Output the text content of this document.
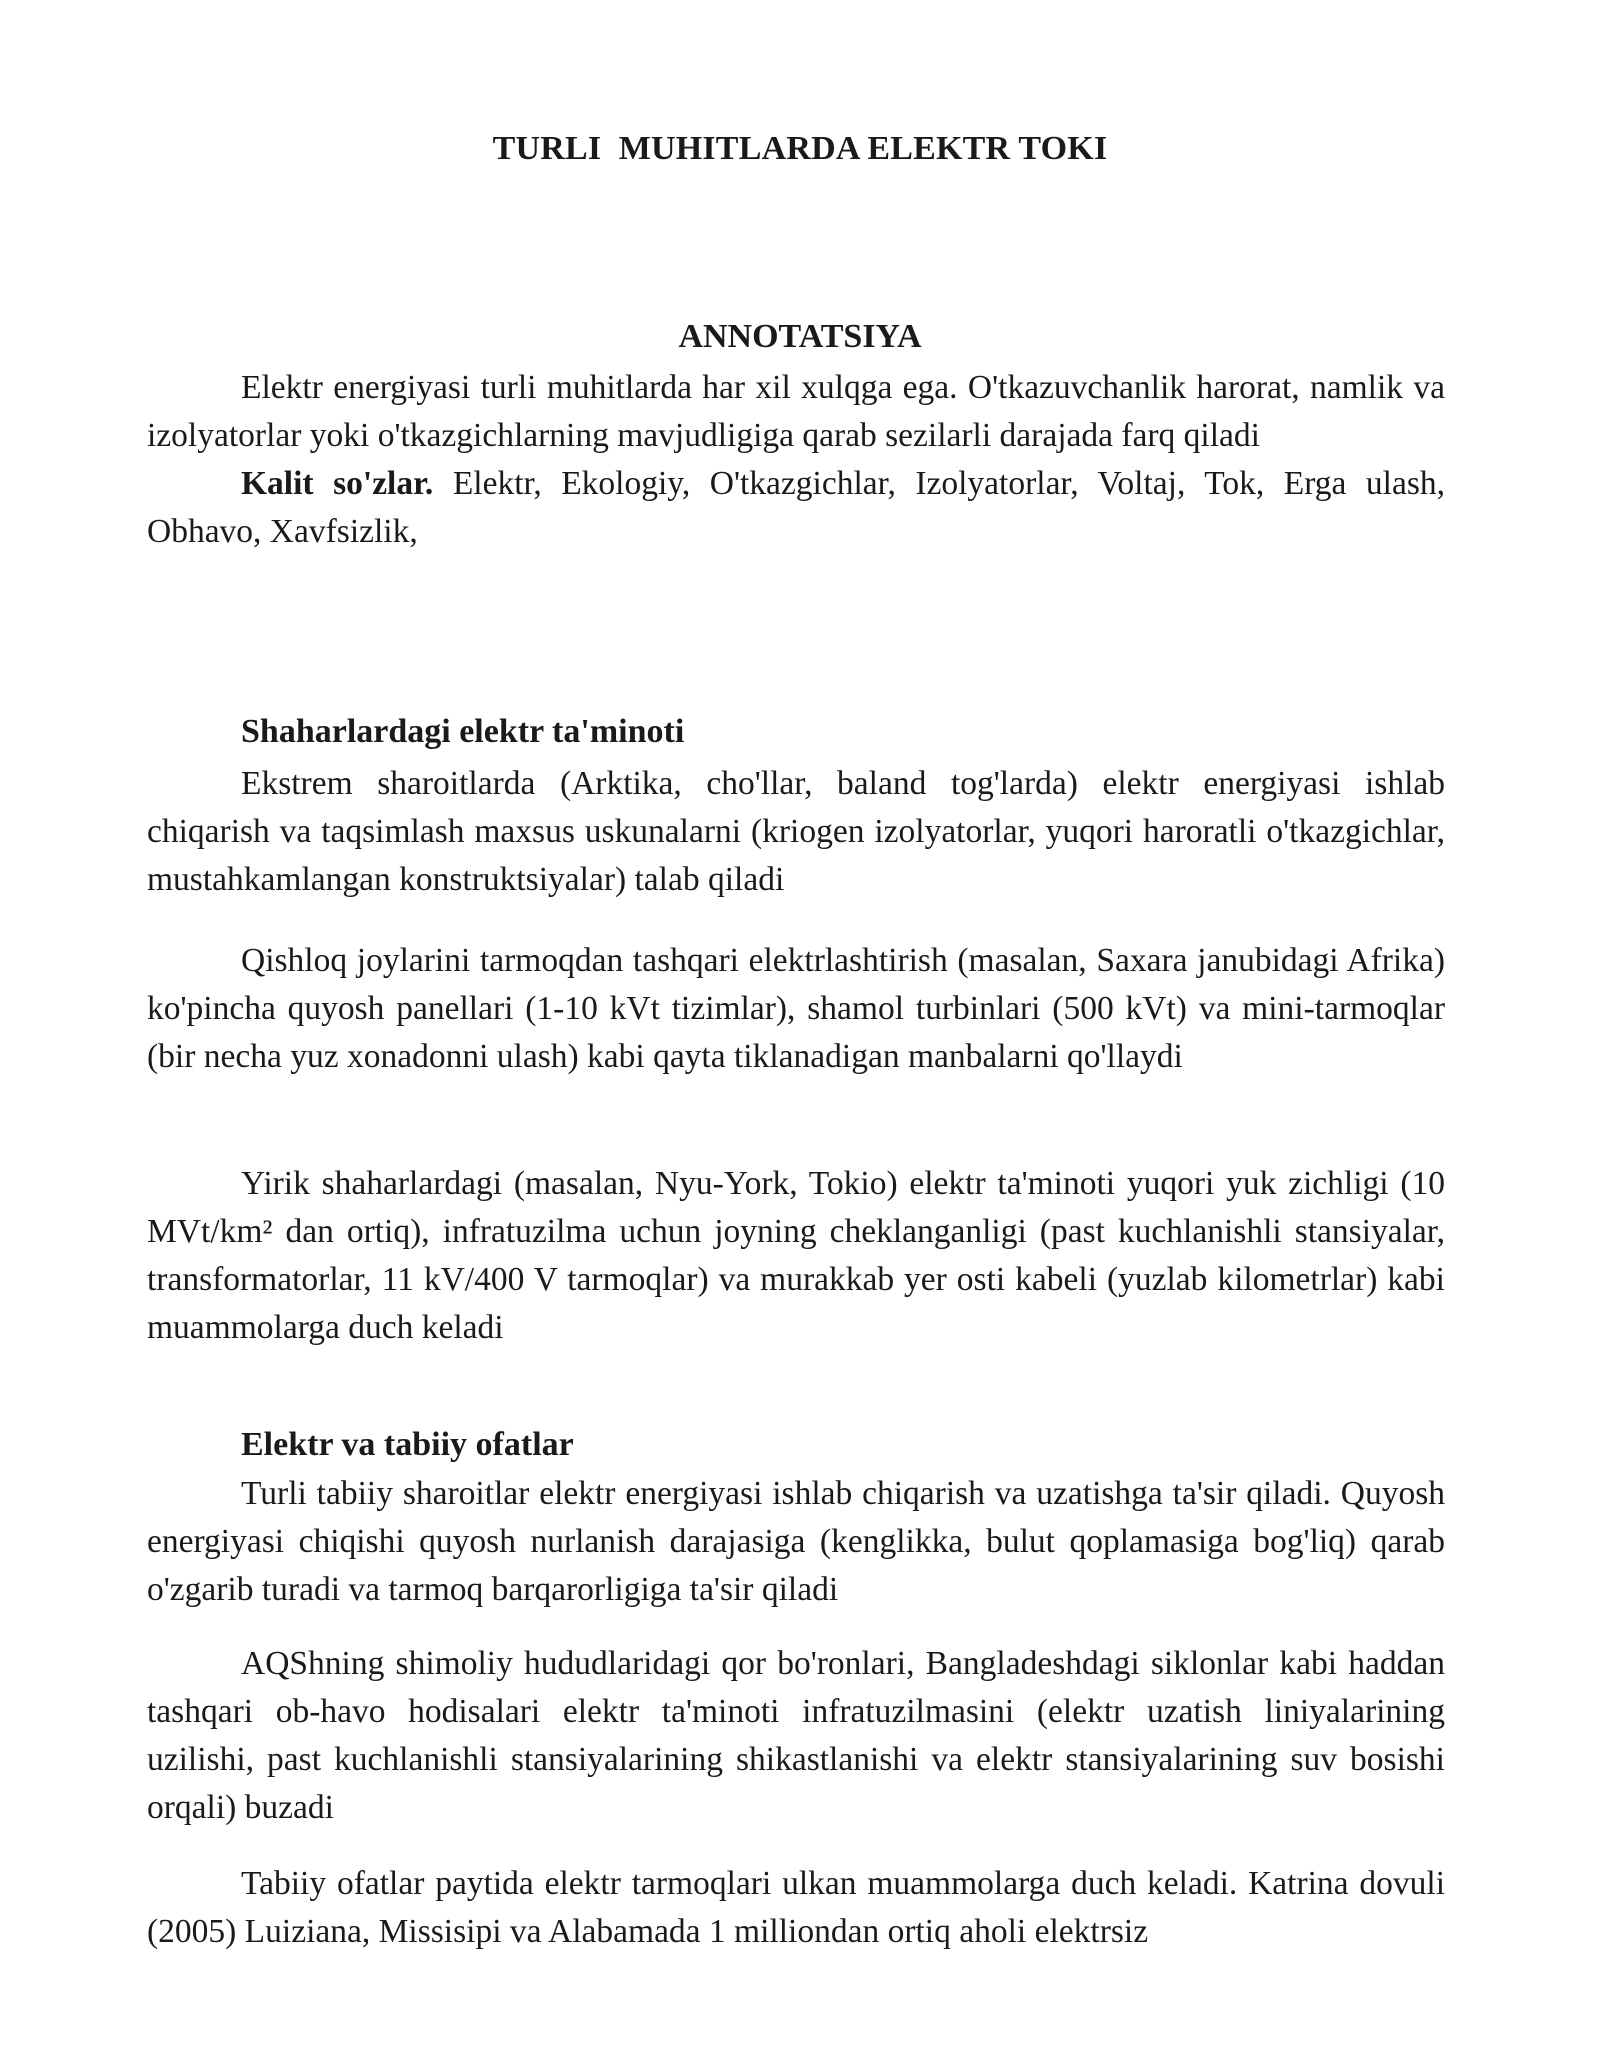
TURLI  MUHITLARDA ELEKTR TOKI
ANNOTATSIYA

Elektr energiyasi turli muhitlarda har xil xulqga ega. O'tkazuvchanlik harorat, namlik va izolyatorlar yoki o'tkazgichlarning mavjudligiga qarab sezilarli darajada farq qiladi

Kalit so'zlar. Elektr, Ekologiy, O'tkazgichlar, Izolyatorlar, Voltaj, Tok, Erga ulash, Obhavo, Xavfsizlik,

Shaharlardagi elektr ta'minoti

Ekstrem sharoitlarda (Arktika, cho'llar, baland tog'larda) elektr energiyasi ishlab chiqarish va taqsimlash maxsus uskunalarni (kriogen izolyatorlar, yuqori haroratli o'tkazgichlar, mustahkamlangan konstruktsiyalar) talab qiladi

Qishloq joylarini tarmoqdan tashqari elektrlashtirish (masalan, Saxara janubidagi Afrika) ko'pincha quyosh panellari (1-10 kVt tizimlar), shamol turbinlari (500 kVt) va mini-tarmoqlar (bir necha yuz xonadonni ulash) kabi qayta tiklanadigan manbalarni qo'llaydi

Yirik shaharlardagi (masalan, Nyu-York, Tokio) elektr ta'minoti yuqori yuk zichligi (10 MVt/km² dan ortiq), infratuzilma uchun joyning cheklanganligi (past kuchlanishli stansiyalar, transformatorlar, 11 kV/400 V tarmoqlar) va murakkab yer osti kabeli (yuzlab kilometrlar) kabi muammolarga duch keladi

Elektr va tabiiy ofatlar

Turli tabiiy sharoitlar elektr energiyasi ishlab chiqarish va uzatishga ta'sir qiladi. Quyosh energiyasi chiqishi quyosh nurlanish darajasiga (kenglikka, bulut qoplamasiga bog'liq) qarab o'zgarib turadi va tarmoq barqarorligiga ta'sir qiladi

AQShning shimoliy hududlaridagi qor bo'ronlari, Bangladeshdagi siklonlar kabi haddan tashqari ob-havo hodisalari elektr ta'minoti infratuzilmasini (elektr uzatish liniyalarining uzilishi, past kuchlanishli stansiyalarining shikastlanishi va elektr stansiyalarining suv bosishi orqali) buzadi

Tabiiy ofatlar paytida elektr tarmoqlari ulkan muammolarga duch keladi. Katrina dovuli (2005) Luiziana, Missisipi va Alabamada 1 milliondan ortiq aholi elektrsiz
